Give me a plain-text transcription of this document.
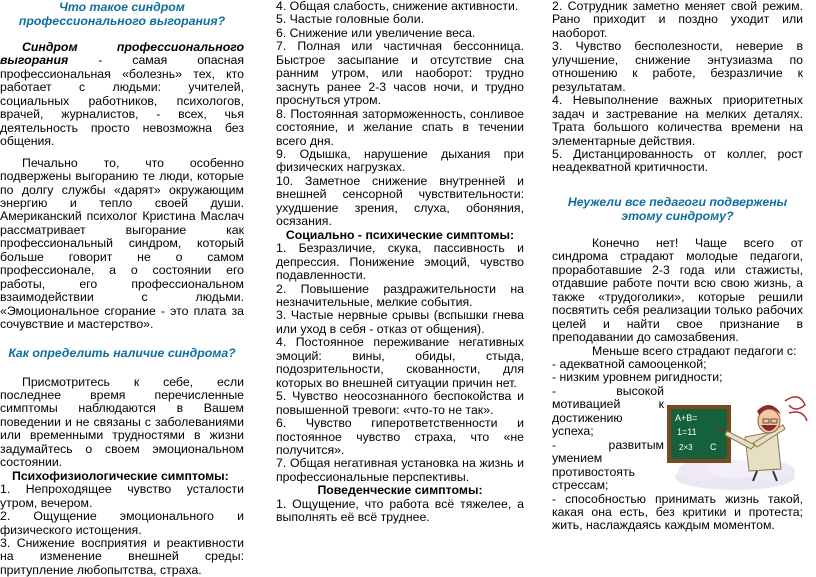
Что такое синдром профессионального выгорания?

Синдром профессионального выгорания - самая опасная профессиональная «болезнь» тех, кто работает с людьми: учителей, социальных работников, психологов, врачей, журналистов, - всех, чья деятельность просто невозможна без общения.

Печально то, что особенно подвержены выгоранию те люди, которые по долгу службы «дарят» окружающим энергию и тепло своей души. Американский психолог Кристина Маслач рассматривает выгорание как профессиональный синдром, который больше говорит не о самом профессионале, а о состоянии его работы, его профессиональном взаимодействии с людьми. «Эмоциональное сгорание - это плата за сочувствие и мастерство».

Как определить наличие синдрома?

Присмотритесь к себе, если последнее время перечисленные симптомы наблюдаются в Вашем поведении и не связаны с заболеваниями или временными трудностями в жизни задумайтесь о своем эмоциональном состоянии.

Психофизиологические симптомы:

1. Непроходящее чувство усталости утром, вечером.

2. Ощущение эмоционального и физического истощения.

3. Снижение восприятия и реактивности на изменение внешней среды: притупление любопытства, страха.

4. Общая слабость, снижение активности.

5. Частые головные боли.

6. Снижение или увеличение веса.

7. Полная или частичная бессонница. Быстрое засыпание и отсутствие сна ранним утром, или наоборот: трудно заснуть ранее 2-3 часов ночи, и трудно проснуться утром.

8. Постоянная заторможенность, сонливое состояние, и желание спать в течении всего дня.

9. Одышка, нарушение дыхания при физических нагрузках.

10. Заметное снижение внутренней и внешней сенсорной чувствительности: ухудшение зрения, слуха, обоняния, осязания.

Социально - психические симптомы:

1. Безразличие, скука, пассивность и депрессия. Понижение эмоций, чувство подавленности.

2. Повышение раздражительности на незначительные, мелкие события.

3. Частые нервные срывы (вспышки гнева или уход в себя - отказ от общения).

4. Постоянное переживание негативных эмоций: вины, обиды, стыда, подозрительности, скованности, для которых во внешней ситуации причин нет.

5. Чувство неосознанного беспокойства и повышенной тревоги: «что-то не так».

6. Чувство гиперответственности и постоянное чувство страха, что «не получится».

7. Общая негативная установка на жизнь и профессиональные перспективы.

Поведенческие симптомы:

1. Ощущение, что работа всё тяжелее, а выполнять её всё труднее.

2. Сотрудник заметно меняет свой режим. Рано приходит и поздно уходит или наоборот.

3. Чувство бесполезности, неверие в улучшение, снижение энтузиазма по отношению к работе, безразличие к результатам.

4. Невыполнение важных приоритетных задач и застревание на мелких деталях. Трата большого количества времени на элементарные действия.

5. Дистанцированность от коллег, рост неадекватной критичности.

Неужели все педагоги подвержены этому синдрому?

Конечно нет! Чаще всего от синдрома страдают молодые педагоги, проработавшие 2-3 года или стажисты, отдавшие работе почти всю свою жизнь, а также «трудоголики», которые решили посвятить себя реализации только рабочих целей и найти свое признание в преподавании до самозабвения.

Меньше всего страдают педагоги с:

- адекватной самооценкой;

- низким уровнем ригидности;

- высокой мотивацией к достижению успеха;

- развитым умением противостоять стрессам;

- способностью принимать жизнь такой, какая она есть, без критики и протеста; жить, наслаждаясь каждым моментом.

A+B=
1=11
2×3 C
